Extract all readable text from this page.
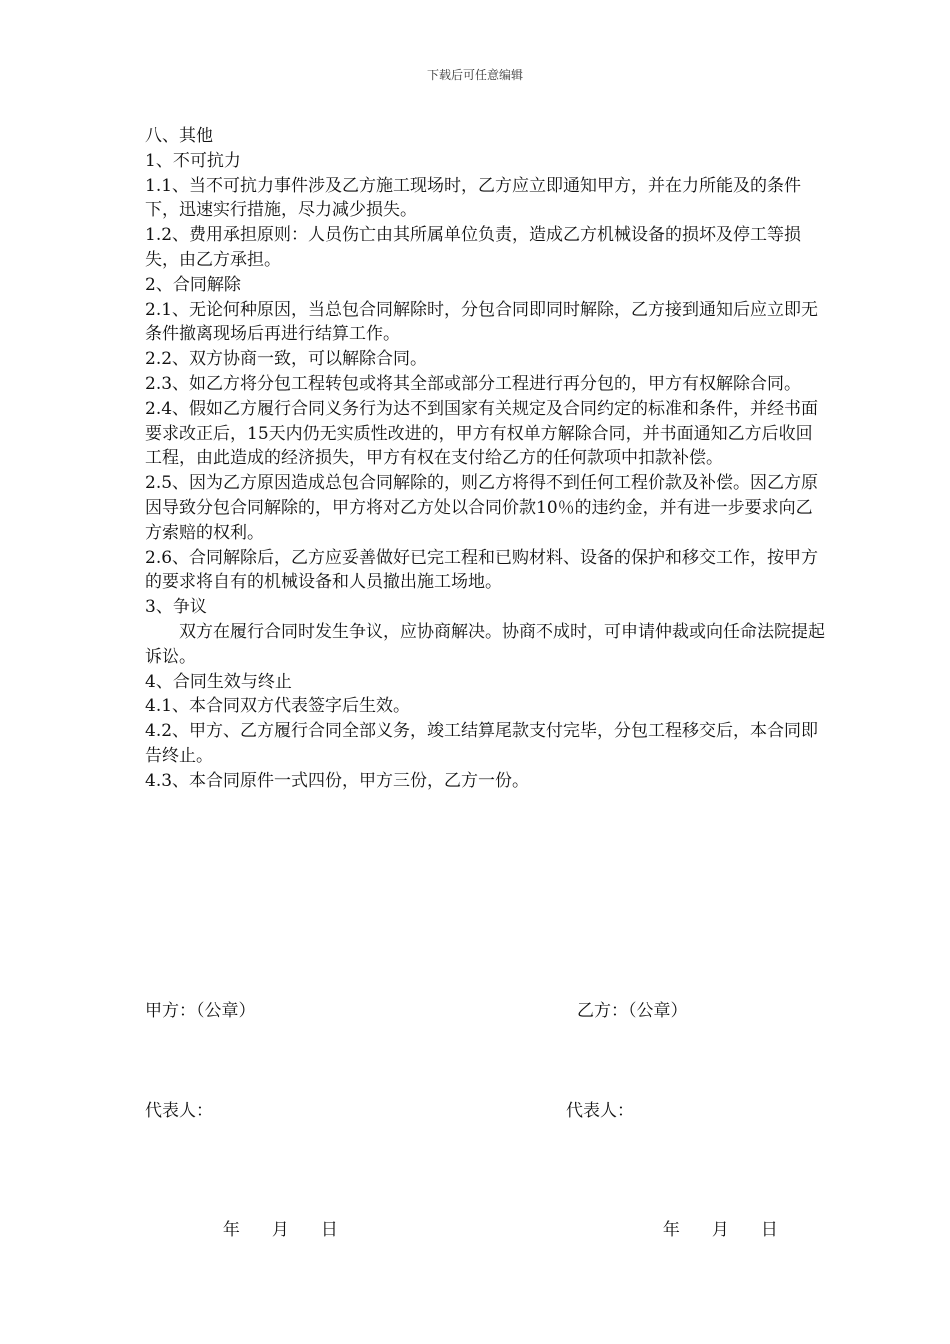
下载后可任意编辑

八、其他

1、不可抗力

1.1、当不可抗力事件涉及乙方施工现场时，乙方应立即通知甲方，并在力所能及的条件下，迅速实行措施，尽力减少损失。

1.2、费用承担原则：人员伤亡由其所属单位负责，造成乙方机械设备的损坏及停工等损失，由乙方承担。

2、合同解除

2.1、无论何种原因，当总包合同解除时，分包合同即同时解除，乙方接到通知后应立即无条件撤离现场后再进行结算工作。

2.2、双方协商一致，可以解除合同。

2.3、如乙方将分包工程转包或将其全部或部分工程进行再分包的，甲方有权解除合同。

2.4、假如乙方履行合同义务行为达不到国家有关规定及合同约定的标准和条件，并经书面要求改正后，15天内仍无实质性改进的，甲方有权单方解除合同，并书面通知乙方后收回工程，由此造成的经济损失，甲方有权在支付给乙方的任何款项中扣款补偿。

2.5、因为乙方原因造成总包合同解除的，则乙方将得不到任何工程价款及补偿。因乙方原因导致分包合同解除的，甲方将对乙方处以合同价款10％的违约金，并有进一步要求向乙方索赔的权利。

2.6、合同解除后，乙方应妥善做好已完工程和已购材料、设备的保护和移交工作，按甲方的要求将自有的机械设备和人员撤出施工场地。

3、争议

双方在履行合同时发生争议，应协商解决。协商不成时，可申请仲裁或向任命法院提起诉讼。

4、合同生效与终止

4.1、本合同双方代表签字后生效。

4.2、甲方、乙方履行合同全部义务，竣工结算尾款支付完毕，分包工程移交后，本合同即告终止。

4.3、本合同原件一式四份，甲方三份，乙方一份。

甲方：（公章）	乙方：（公章）
代表人：	代表人：

年 月 日	年 月 日
